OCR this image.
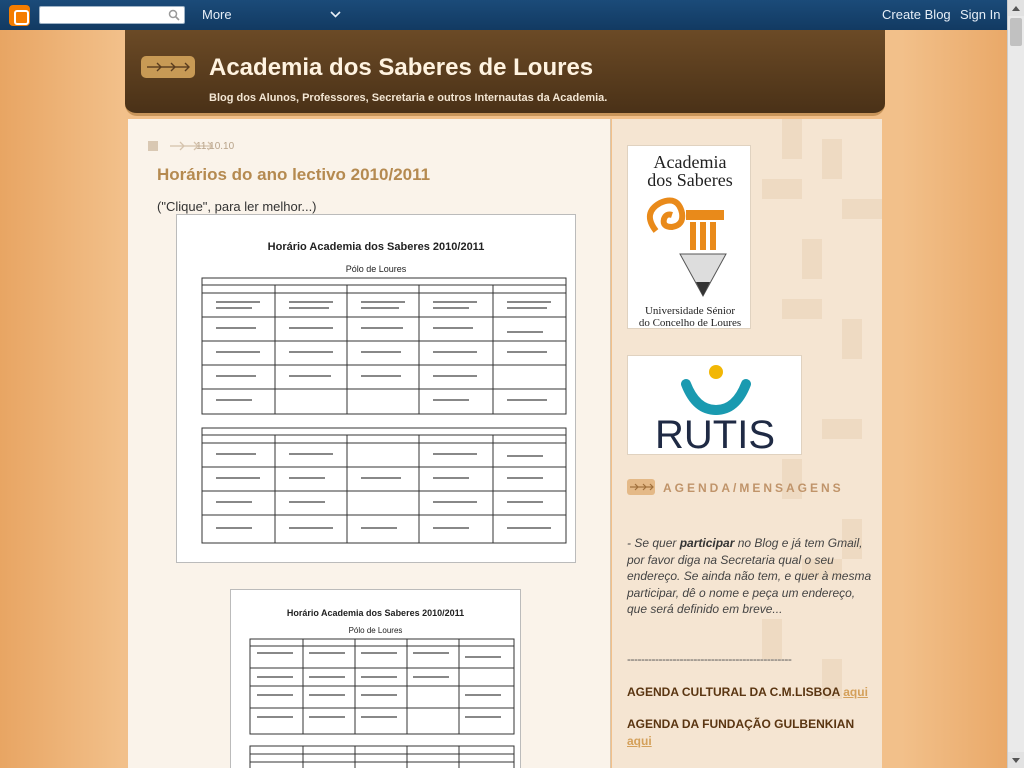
More	Create Blog Sign In
Academia dos Saberes de Loures
Blog dos Alunos, Professores, Secretaria e outros Internautas da Academia.
11.10.10
Horários do ano lectivo 2010/2011
("Clique", para ler melhor...)
Horário Academia dos Saberes 2010/2011
Pólo de Loures
Horário Academia dos Saberes 2010/2011
Pólo de Loures
Academia
dos Saberes
Universidade Sénior
do Concelho de Loures
RUTIS
AGENDA/MENSAGENS
- Se quer participar no Blog e já tem Gmail, por favor diga na Secretaria qual o seu endereço. Se ainda não tem, e quer à mesma participar, dê o nome e peça um endereço, que será definido em breve...
-----------------------------------------------
AGENDA CULTURAL DA C.M.LISBOA aqui
AGENDA DA FUNDAÇÃO GULBENKIAN
aqui
